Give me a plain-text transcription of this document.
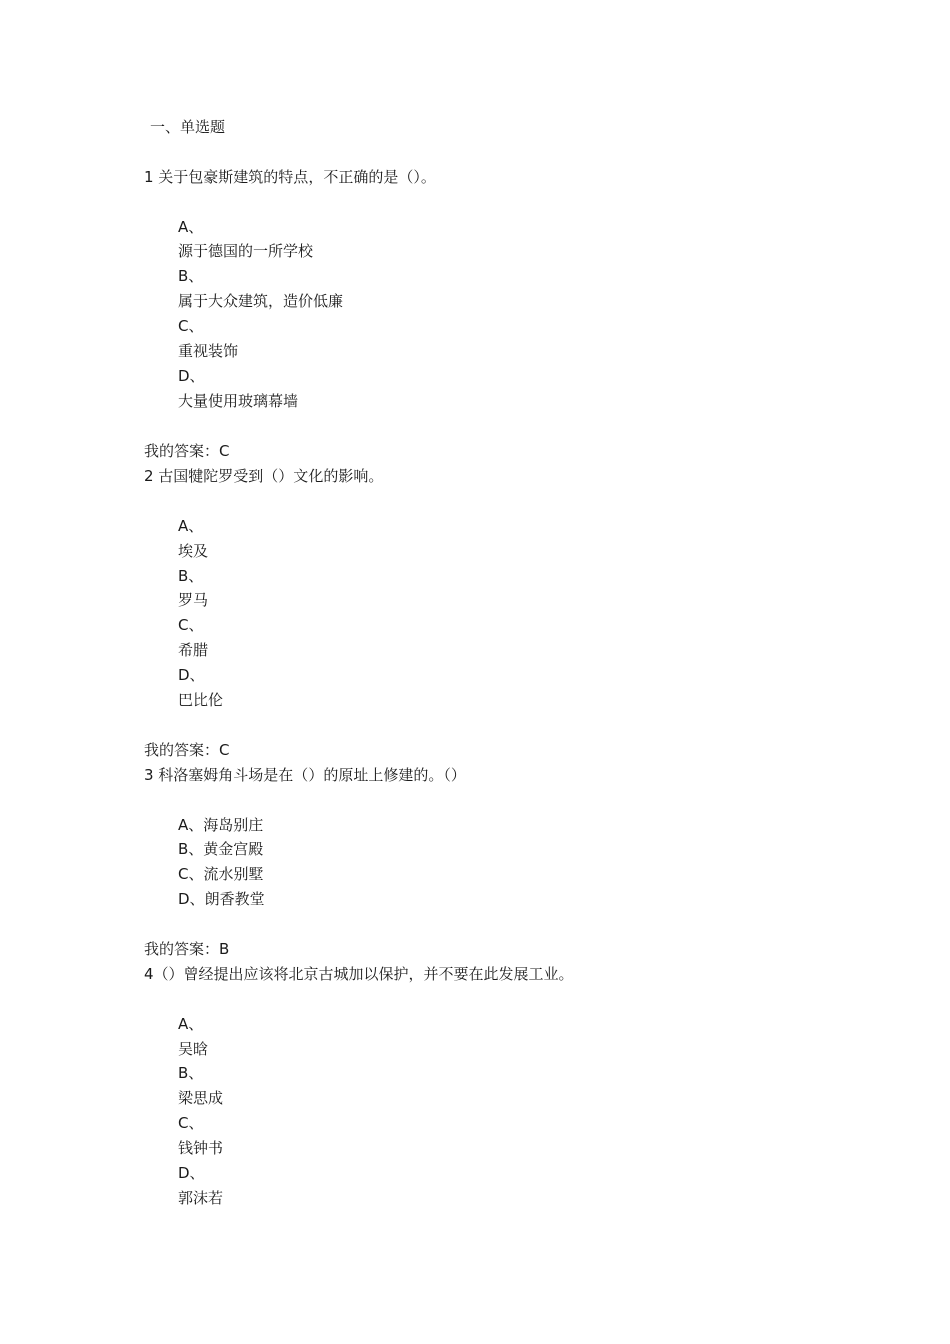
一、单选题
1 关于包豪斯建筑的特点，不正确的是（）。
A、
源于德国的一所学校
B、
属于大众建筑，造价低廉
C、
重视装饰
D、
大量使用玻璃幕墙
我的答案：C
2 古国犍陀罗受到（）文化的影响。
A、
埃及
B、
罗马
C、
希腊
D、
巴比伦
我的答案：C
3 科洛塞姆角斗场是在（）的原址上修建的。（）
A、海岛别庄
B、黄金宫殿
C、流水别墅
D、朗香教堂
我的答案：B
4（）曾经提出应该将北京古城加以保护，并不要在此发展工业。
A、
吴晗
B、
梁思成
C、
钱钟书
D、
郭沫若
